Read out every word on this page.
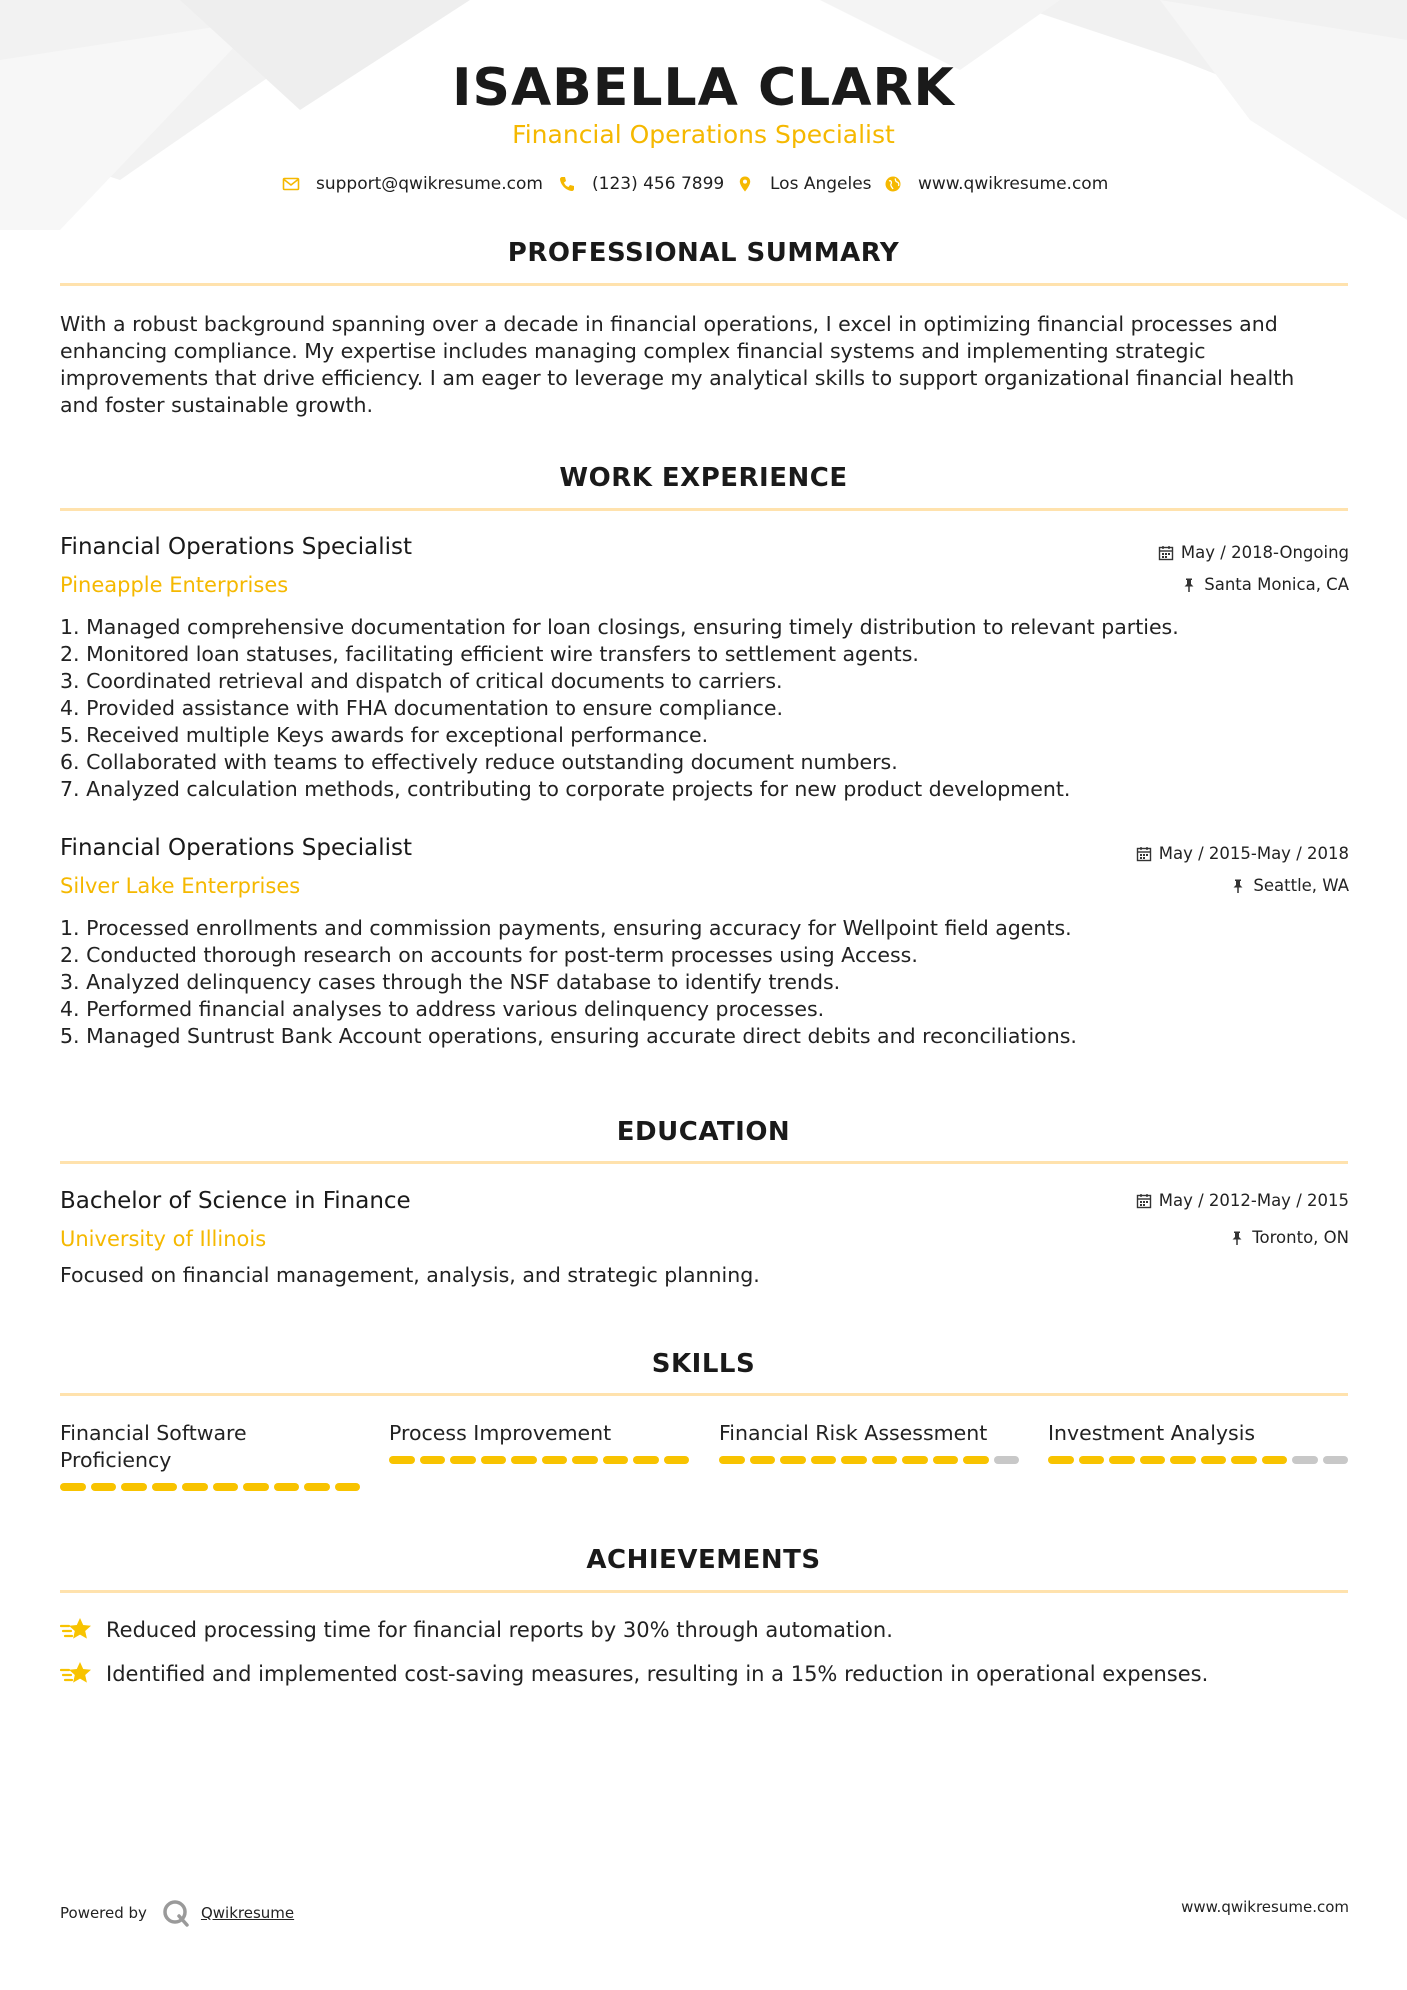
ISABELLA CLARK
Financial Operations Specialist
support@qwikresume.com	(123) 456 7899	Los Angeles	www.qwikresume.com
PROFESSIONAL SUMMARY
With a robust background spanning over a decade in financial operations, I excel in optimizing financial processes and
enhancing compliance. My expertise includes managing complex financial systems and implementing strategic
improvements that drive efficiency. I am eager to leverage my analytical skills to support organizational financial health
and foster sustainable growth.
WORK EXPERIENCE
Financial Operations Specialist
Pineapple Enterprises
May / 2018-Ongoing
Santa Monica, CA
1. Managed comprehensive documentation for loan closings, ensuring timely distribution to relevant parties.
2. Monitored loan statuses, facilitating efficient wire transfers to settlement agents.
3. Coordinated retrieval and dispatch of critical documents to carriers.
4. Provided assistance with FHA documentation to ensure compliance.
5. Received multiple Keys awards for exceptional performance.
6. Collaborated with teams to effectively reduce outstanding document numbers.
7. Analyzed calculation methods, contributing to corporate projects for new product development.
Financial Operations Specialist
Silver Lake Enterprises
May / 2015-May / 2018
Seattle, WA
1. Processed enrollments and commission payments, ensuring accuracy for Wellpoint field agents.
2. Conducted thorough research on accounts for post-term processes using Access.
3. Analyzed delinquency cases through the NSF database to identify trends.
4. Performed financial analyses to address various delinquency processes.
5. Managed Suntrust Bank Account operations, ensuring accurate direct debits and reconciliations.
EDUCATION
Bachelor of Science in Finance
University of Illinois
May / 2012-May / 2015
Toronto, ON
Focused on financial management, analysis, and strategic planning.
SKILLS
Financial Software Proficiency
Process Improvement	Financial Risk Assessment	Investment Analysis
ACHIEVEMENTS
Reduced processing time for financial reports by 30% through automation.
Identified and implemented cost-saving measures, resulting in a 15% reduction in operational expenses.
Powered by	Qwikresume	www.qwikresume.com
